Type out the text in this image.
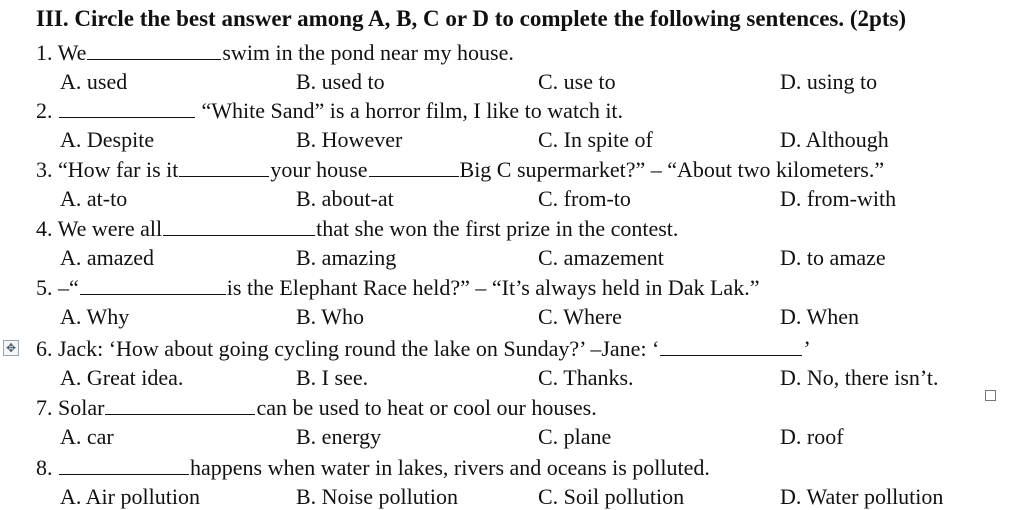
III. Circle the best answer among A, B, C or D to complete the following sentences. (2pts)
✥
1. We	swim in the pond near my house.
A. used	B. used to	C. use to	D. using to
2.	“White Sand” is a horror film, I like to watch it.
A. Despite	B. However	C. In spite of	D. Although
3. “How far is it	your house	Big C supermarket?” – “About two kilometers.”
A. at-to	B. about-at	C. from-to	D. from-with
4. We were all	that she won the first prize in the contest.
A. amazed	B. amazing	C. amazement	D. to amaze
5. –“	is the Elephant Race held?” – “It’s always held in Dak Lak.”
A. Why	B. Who	C. Where	D. When
6. Jack: ‘How about going cycling round the lake on Sunday?’ –Jane: ‘	’
A. Great idea.	B. I see.	C. Thanks.	D. No, there isn’t.
7. Solar	can be used to heat or cool our houses.
A. car	B. energy	C. plane	D. roof
8.	happens when water in lakes, rivers and oceans is polluted.
A. Air pollution	B. Noise pollution	C. Soil pollution	D. Water pollution
